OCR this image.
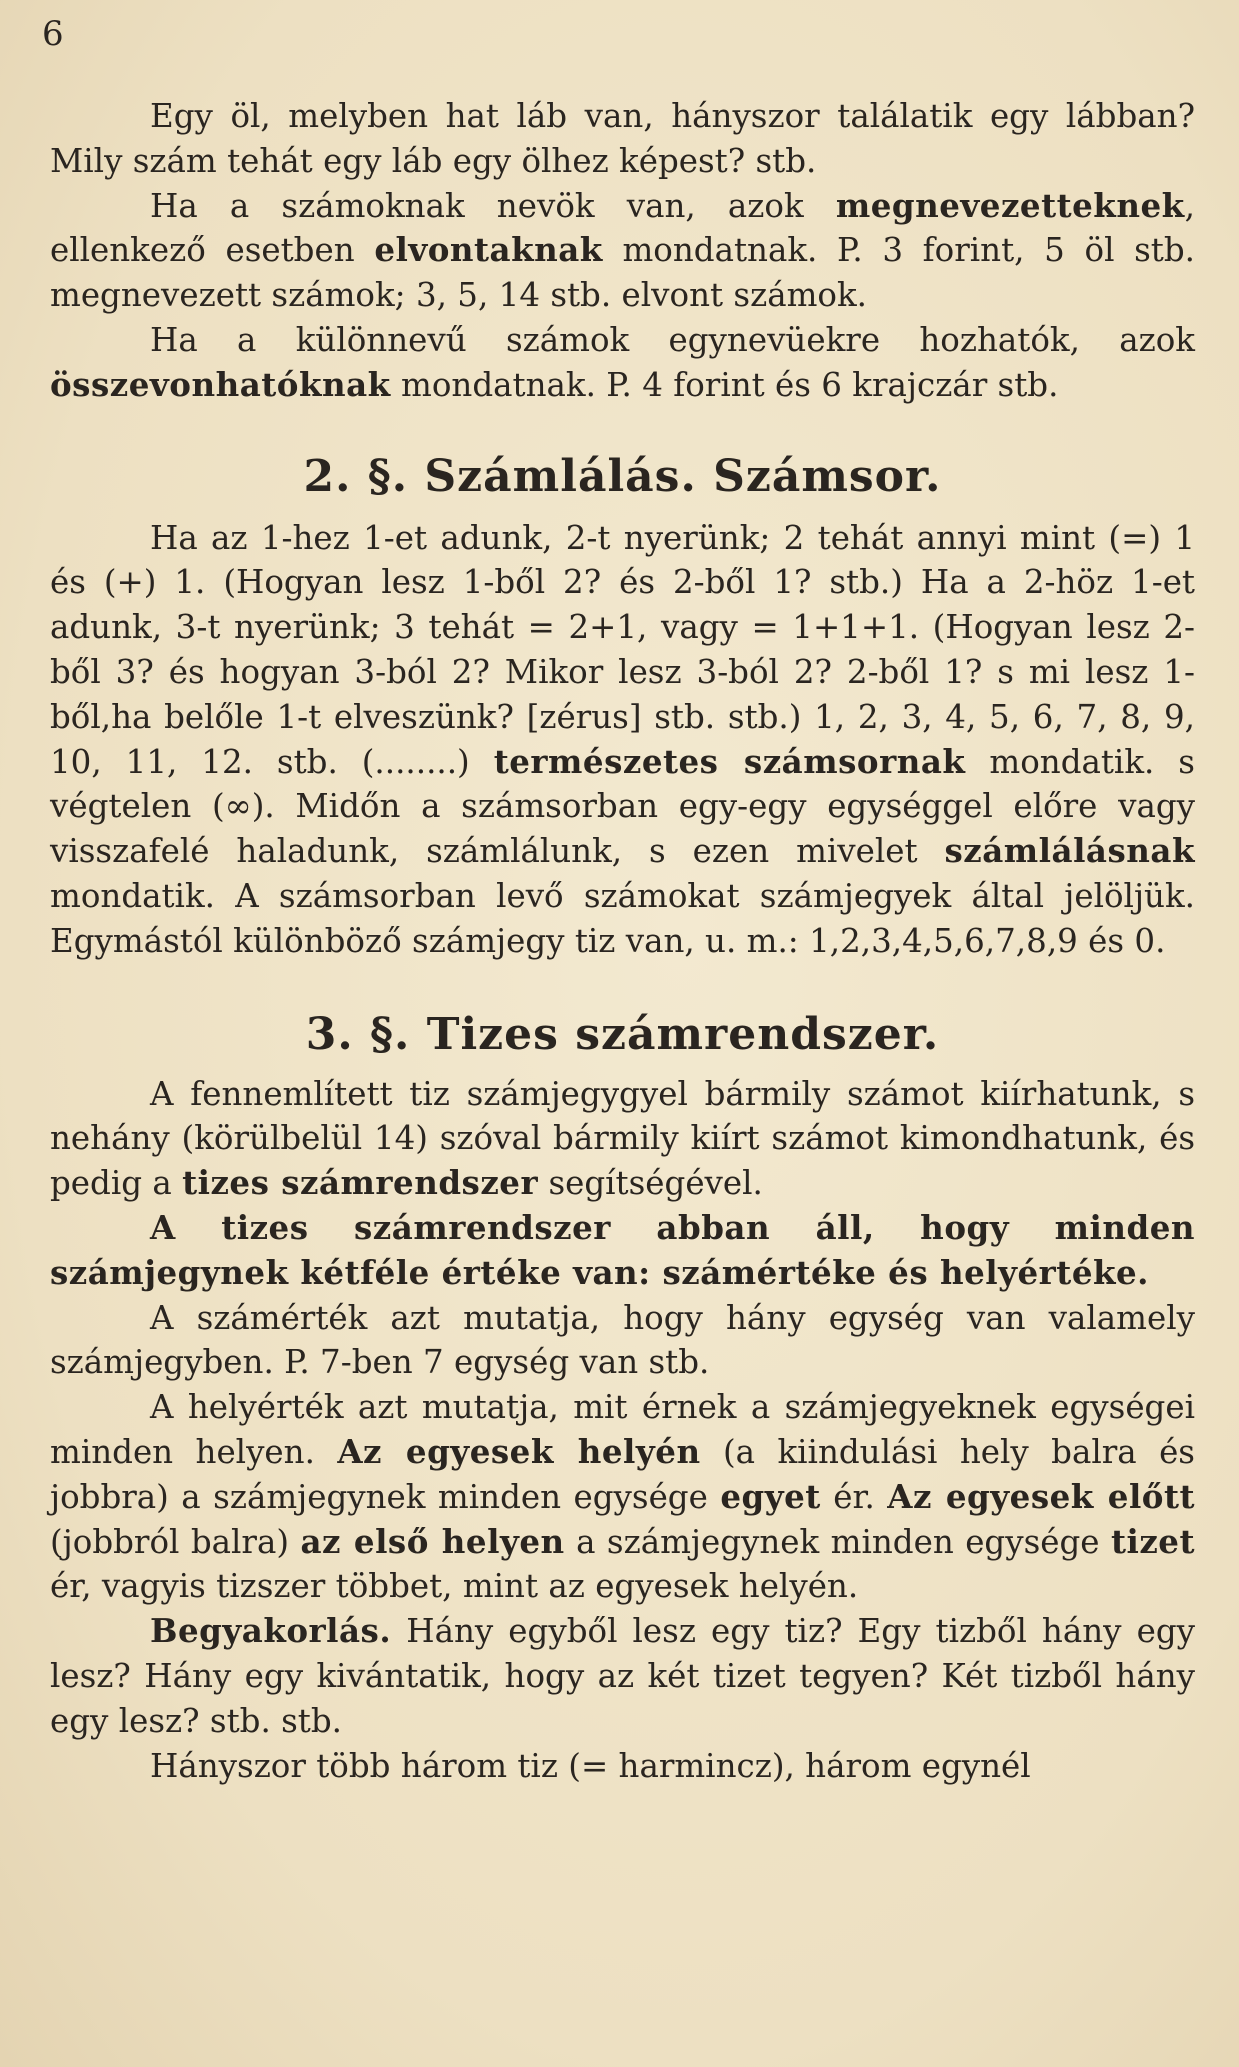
6

Egy öl, melyben hat láb van, hányszor találatik egy lábban? Mily szám tehát egy láb egy ölhez képest? stb.

Ha a számoknak nevök van, azok megnevezetteknek, ellenkező esetben elvontaknak mondatnak. P. 3 forint, 5 öl stb. megnevezett számok; 3, 5, 14 stb. elvont számok.

Ha a különnevű számok egynevüekre hozhatók, azok összevonhatóknak mondatnak. P. 4 forint és 6 krajczár stb.

2. §. Számlálás. Számsor.

Ha az 1-hez 1-et adunk, 2-t nyerünk; 2 tehát annyi mint (=) 1 és (+) 1. (Hogyan lesz 1-ből 2? és 2-ből 1? stb.) Ha a 2-höz 1-et adunk, 3-t nyerünk; 3 tehát = 2+1, vagy = 1+1+1. (Hogyan lesz 2-ből 3? és hogyan 3-ból 2? Mikor lesz 3-ból 2? 2-ből 1? s mi lesz 1-ből,ha belőle 1-t elveszünk? [zérus] stb. stb.) 1, 2, 3, 4, 5, 6, 7, 8, 9, 10, 11, 12. stb. (........) természetes számsornak mondatik. s végtelen (∞). Midőn a számsorban egy-egy egységgel előre vagy visszafelé haladunk, számlálunk, s ezen mivelet számlálásnak mondatik. A számsorban levő számokat számjegyek által jelöljük. Egymástól különböző számjegy tiz van, u. m.: 1,2,3,4,5,6,7,8,9 és 0.

3. §. Tizes számrendszer.

A fennemlített tiz számjegygyel bármily számot kiírhatunk, s nehány (körülbelül 14) szóval bármily kiírt számot kimondhatunk, és pedig a tizes számrendszer segítségével.

A tizes számrendszer abban áll, hogy minden számjegynek kétféle értéke van: számértéke és helyértéke.

A számérték azt mutatja, hogy hány egység van valamely számjegyben. P. 7-ben 7 egység van stb.

A helyérték azt mutatja, mit érnek a számjegyeknek egységei minden helyen. Az egyesek helyén (a kiindulási hely balra és jobbra) a számjegynek minden egysége egyet ér. Az egyesek előtt (jobbról balra) az első helyen a számjegynek minden egysége tizet ér, vagyis tizszer többet, mint az egyesek helyén.

Begyakorlás. Hány egyből lesz egy tiz? Egy tizből hány egy lesz? Hány egy kivántatik, hogy az két tizet tegyen? Két tizből hány egy lesz? stb. stb.

Hányszor több három tiz (= harmincz), három egynél
